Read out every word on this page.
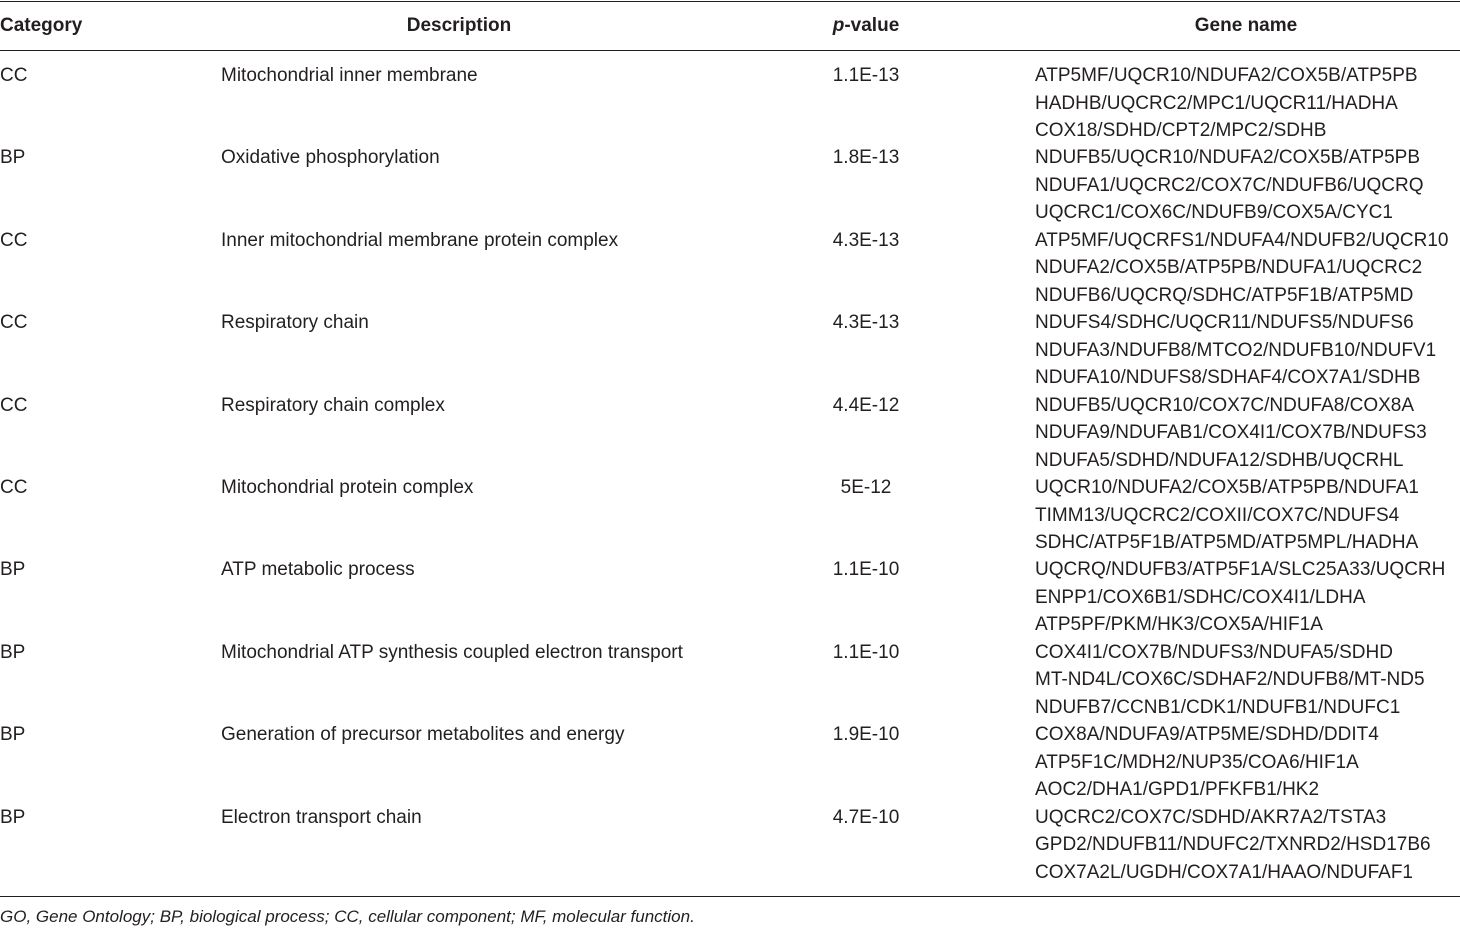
Category	Description	p-value	Gene name
CC	Mitochondrial inner membrane	1.1E-13	ATP5MF/UQCR10/NDUFA2/COX5B/ATP5PB
HADHB/UQCRC2/MPC1/UQCR11/HADHA
COX18/SDHD/CPT2/MPC2/SDHB
BP	Oxidative phosphorylation	1.8E-13	NDUFB5/UQCR10/NDUFA2/COX5B/ATP5PB
NDUFA1/UQCRC2/COX7C/NDUFB6/UQCRQ
UQCRC1/COX6C/NDUFB9/COX5A/CYC1
CC	Inner mitochondrial membrane protein complex	4.3E-13	ATP5MF/UQCRFS1/NDUFA4/NDUFB2/UQCR10
NDUFA2/COX5B/ATP5PB/NDUFA1/UQCRC2
NDUFB6/UQCRQ/SDHC/ATP5F1B/ATP5MD
CC	Respiratory chain	4.3E-13	NDUFS4/SDHC/UQCR11/NDUFS5/NDUFS6
NDUFA3/NDUFB8/MTCO2/NDUFB10/NDUFV1
NDUFA10/NDUFS8/SDHAF4/COX7A1/SDHB
CC	Respiratory chain complex	4.4E-12	NDUFB5/UQCR10/COX7C/NDUFA8/COX8A
NDUFA9/NDUFAB1/COX4I1/COX7B/NDUFS3
NDUFA5/SDHD/NDUFA12/SDHB/UQCRHL
CC	Mitochondrial protein complex	5E-12	UQCR10/NDUFA2/COX5B/ATP5PB/NDUFA1
TIMM13/UQCRC2/COXII/COX7C/NDUFS4
SDHC/ATP5F1B/ATP5MD/ATP5MPL/HADHA
BP	ATP metabolic process	1.1E-10	UQCRQ/NDUFB3/ATP5F1A/SLC25A33/UQCRH
ENPP1/COX6B1/SDHC/COX4I1/LDHA
ATP5PF/PKM/HK3/COX5A/HIF1A
BP	Mitochondrial ATP synthesis coupled electron transport	1.1E-10	COX4I1/COX7B/NDUFS3/NDUFA5/SDHD
MT-ND4L/COX6C/SDHAF2/NDUFB8/MT-ND5
NDUFB7/CCNB1/CDK1/NDUFB1/NDUFC1
BP	Generation of precursor metabolites and energy	1.9E-10	COX8A/NDUFA9/ATP5ME/SDHD/DDIT4
ATP5F1C/MDH2/NUP35/COA6/HIF1A
AOC2/DHA1/GPD1/PFKFB1/HK2
BP	Electron transport chain	4.7E-10	UQCRC2/COX7C/SDHD/AKR7A2/TSTA3
GPD2/NDUFB11/NDUFC2/TXNRD2/HSD17B6
COX7A2L/UGDH/COX7A1/HAAO/NDUFAF1
GO, Gene Ontology; BP, biological process; CC, cellular component; MF, molecular function.
